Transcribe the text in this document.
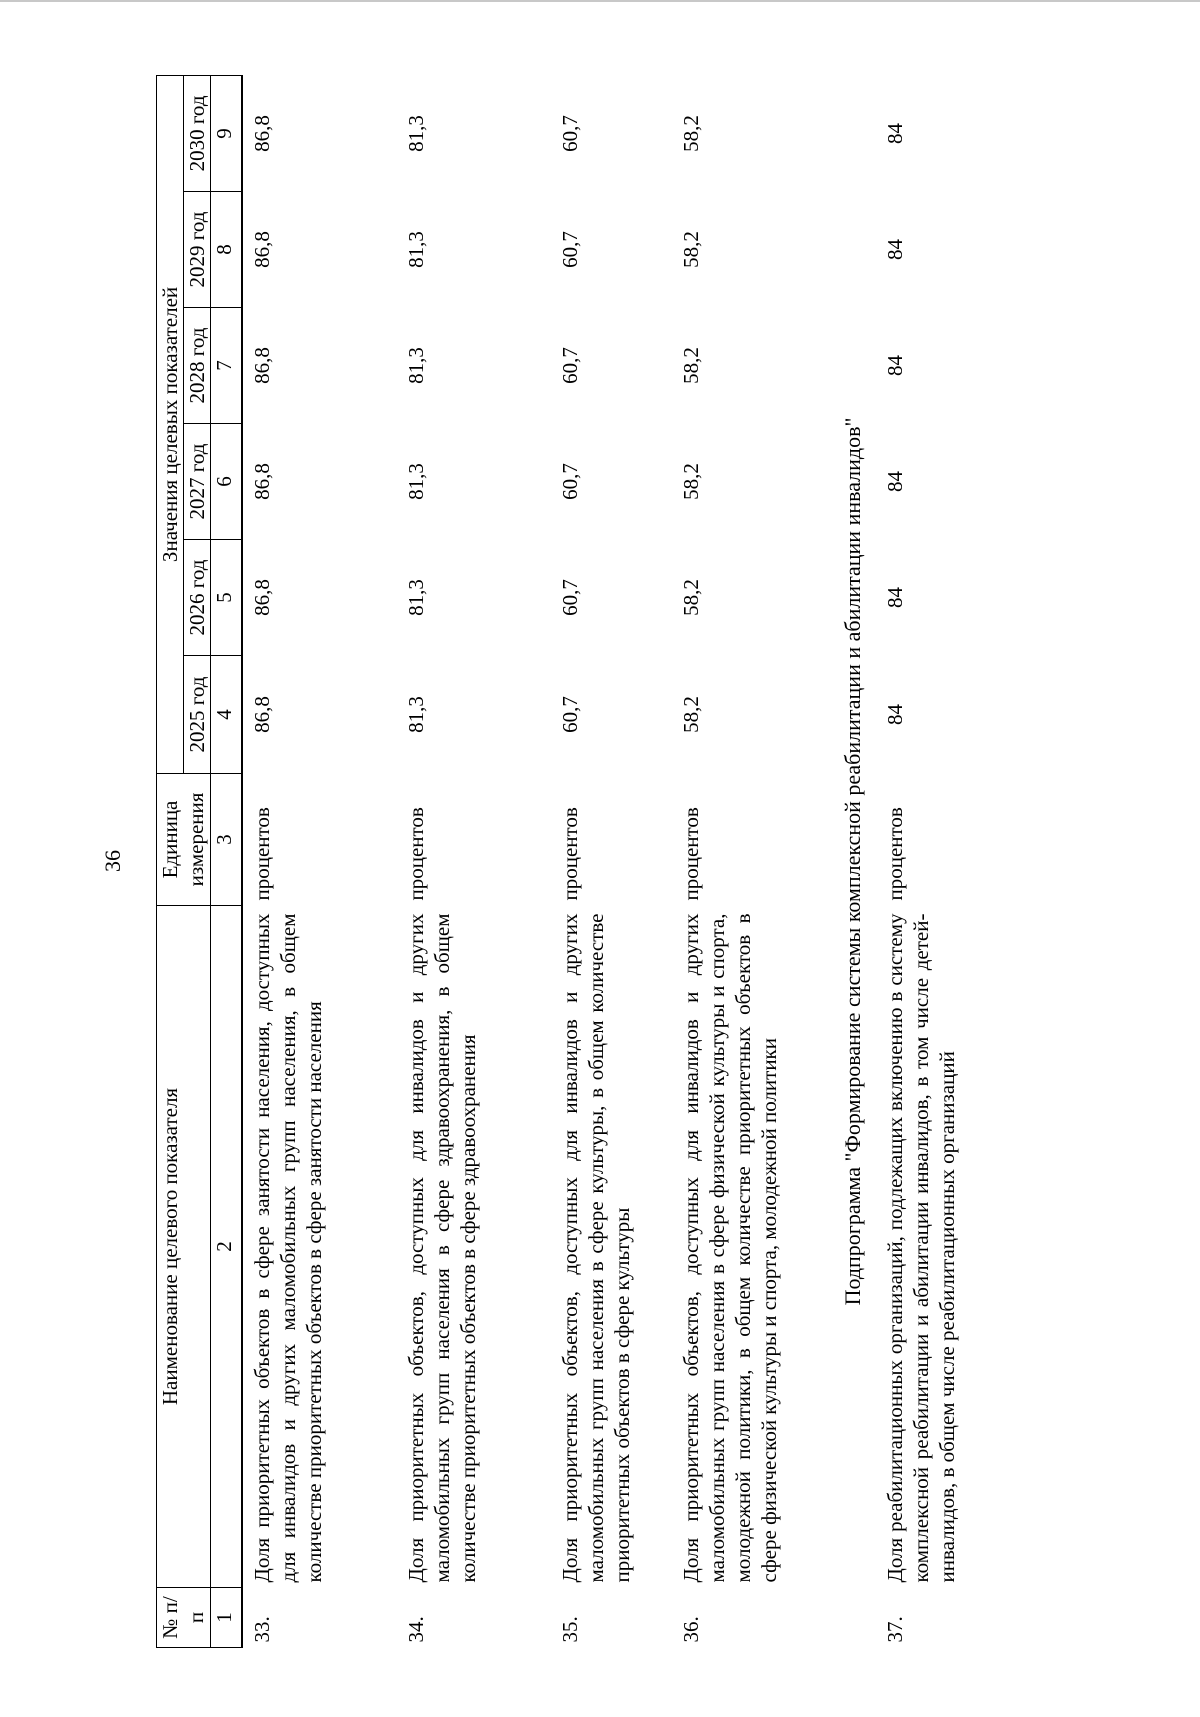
36
№ п/п	Наименование целевого показателя	Единица измерения	Значения целевых показателей					
			2025 год	2026 год	2027 год	2028 год	2029 год	2030 год
1	2	3	4	5	6	7	8	9
33.	Доля приоритетных объектов в сфере занятости населения, доступных для инвалидов и других маломобильных групп населения, в общем количестве приоритетных объектов в сфере занятости населения	процентов	86,8	86,8	86,8	86,8	86,8	86,8
34.	Доля приоритетных объектов, доступных для инвалидов и других маломобильных групп населения в сфере здравоохранения, в общем количестве приоритетных объектов в сфере здравоохранения	процентов	81,3	81,3	81,3	81,3	81,3	81,3
35.	Доля приоритетных объектов, доступных для инвалидов и других маломобильных групп населения в сфере культуры, в общем количестве приоритетных объектов в сфере культуры	процентов	60,7	60,7	60,7	60,7	60,7	60,7
36.	Доля приоритетных объектов, доступных для инвалидов и других маломобильных групп населения в сфере физической культуры и спорта, молодежной политики, в общем количестве приоритетных объектов в сфере физической культуры и спорта, молодежной политики	процентов	58,2	58,2	58,2	58,2	58,2	58,2
Подпрограмма "Формирование системы комплексной реабилитации и абилитации инвалидов"								
37.	Доля реабилитационных организаций, подлежащих включению в систему комплексной реабилитации и абилитации инвалидов, в том числе детей-инвалидов, в общем числе реабилитационных организаций	процентов	84	84	84	84	84	84
